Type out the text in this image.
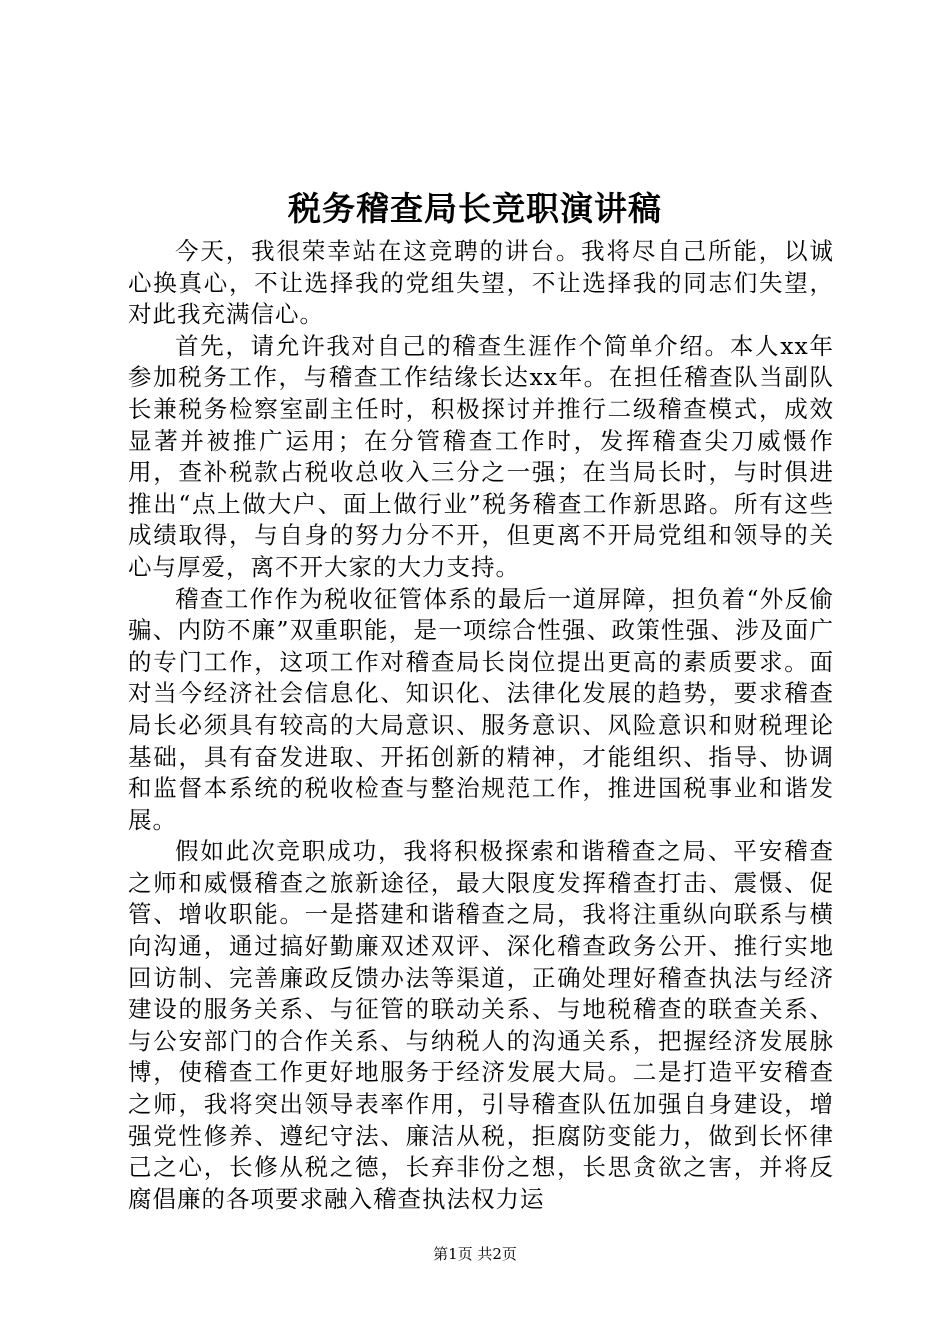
税务稽查局长竞职演讲稿

今天，我很荣幸站在这竞聘的讲台。我将尽自己所能，以诚心换真心，不让选择我的党组失望，不让选择我的同志们失望，对此我充满信心。

首先，请允许我对自己的稽查生涯作个简单介绍。本人xx年参加税务工作，与稽查工作结缘长达xx年。在担任稽查队当副队长兼税务检察室副主任时，积极探讨并推行二级稽查模式，成效显著并被推广运用；在分管稽查工作时，发挥稽查尖刀威慑作用，查补税款占税收总收入三分之一强；在当局长时，与时俱进推出“点上做大户、面上做行业”税务稽查工作新思路。所有这些成绩取得，与自身的努力分不开，但更离不开局党组和领导的关心与厚爱，离不开大家的大力支持。

稽查工作作为税收征管体系的最后一道屏障，担负着“外反偷骗、内防不廉”双重职能，是一项综合性强、政策性强、涉及面广的专门工作，这项工作对稽查局长岗位提出更高的素质要求。面对当今经济社会信息化、知识化、法律化发展的趋势，要求稽查局长必须具有较高的大局意识、服务意识、风险意识和财税理论基础，具有奋发进取、开拓创新的精神，才能组织、指导、协调和监督本系统的税收检查与整治规范工作，推进国税事业和谐发展。

假如此次竞职成功，我将积极探索和谐稽查之局、平安稽查之师和威慑稽查之旅新途径，最大限度发挥稽查打击、震慑、促管、增收职能。一是搭建和谐稽查之局，我将注重纵向联系与横向沟通，通过搞好勤廉双述双评、深化稽查政务公开、推行实地回访制、完善廉政反馈办法等渠道，正确处理好稽查执法与经济建设的服务关系、与征管的联动关系、与地税稽查的联查关系、与公安部门的合作关系、与纳税人的沟通关系，把握经济发展脉博，使稽查工作更好地服务于经济发展大局。二是打造平安稽查之师，我将突出领导表率作用，引导稽查队伍加强自身建设，增强党性修养、遵纪守法、廉洁从税，拒腐防变能力，做到长怀律己之心，长修从税之德，长弃非份之想，长思贪欲之害，并将反腐倡廉的各项要求融入稽查执法权力运

第1页 共2页
